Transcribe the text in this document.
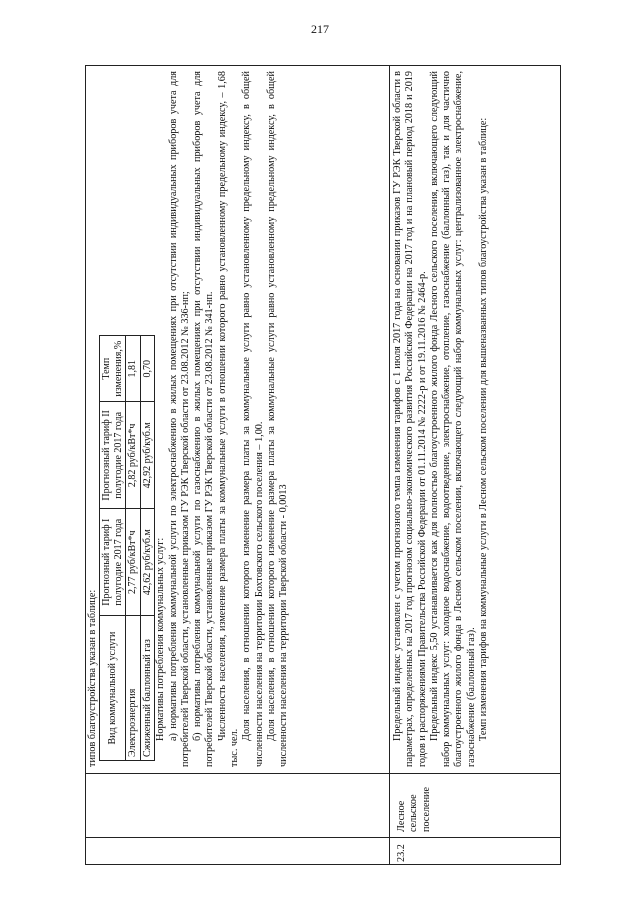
217

типов благоустройства указан в таблице: Вид коммунальной услуги	Прогнозный тариф I полугодие 2017 года	Прогнозный тариф II полугодие 2017 года	Темп изменения,%
Электроэнергия	2,77 руб/кВт*ч	2,82 руб/кВт*ч	1,81
Сжиженный баллонный газ	42,62 руб/куб.м	42,92 руб/куб.м	0,70

Нормативы потребления коммунальных услуг: а) нормативы потребления коммунальной услуги по электроснабжению в жилых помещениях при отсутствии индивидуальных приборов учета для потребителей Тверской области, установленные приказом ГУ РЭК Тверской области от 23.08.2012 № 336-нп; б) нормативы потребления коммунальной услуги по газоснабжению в жилых помещениях при отсутствии индивидуальных приборов учета для потребителей Тверской области, установленные приказом ГУ РЭК Тверской области от 23.08.2012 № 341-нп. Численность населения, изменение размера платы за коммунальные услуги в отношении которого равно установленному предельному индексу, – 1,68 тыс. чел.

Доля населения, в отношении которого изменение размера платы за коммунальные услуги равно установленному предельному индексу, в общей численности населения на территории Бохтовского сельского поселения – 1,00. Доля населения, в отношении которого изменение размера платы за коммунальные услуги равно установленному предельному индексу, в общей численности населения на территории Тверской области - 0,0013

23.2
Лесное сельское поселение

Предельный индекс установлен с учетом прогнозного темпа изменения тарифов с 1 июля 2017 года на основании приказов ГУ РЭК Тверской области в параметрах, определенных на 2017 год прогнозом социально-экономического развития Российской Федерации на 2017 год и на плановый период 2018 и 2019 годов и распоряжениями Правительства Российской Федерации от 01.11.2014 № 2222-р и от 19.11.2016 № 2464-р. Предельный индекс 5,50 устанавливается как для полностью благоустроенного жилого фонда Лесного сельского поселения, включающего следующий набор коммунальных услуг: холодное водоснабжение, водоотведение, электроснабжение, отопление, газоснабжение (баллонный газ), так и для частично благоустроенного жилого фонда в Лесном сельском поселении, включающего следующий набор коммунальных услуг: централизованное электроснабжение, газоснабжение (баллонный газ). Темп изменения тарифов на коммунальные услуги в Лесном сельском поселении для вышеназванных типов благоустройства указан в таблице:
